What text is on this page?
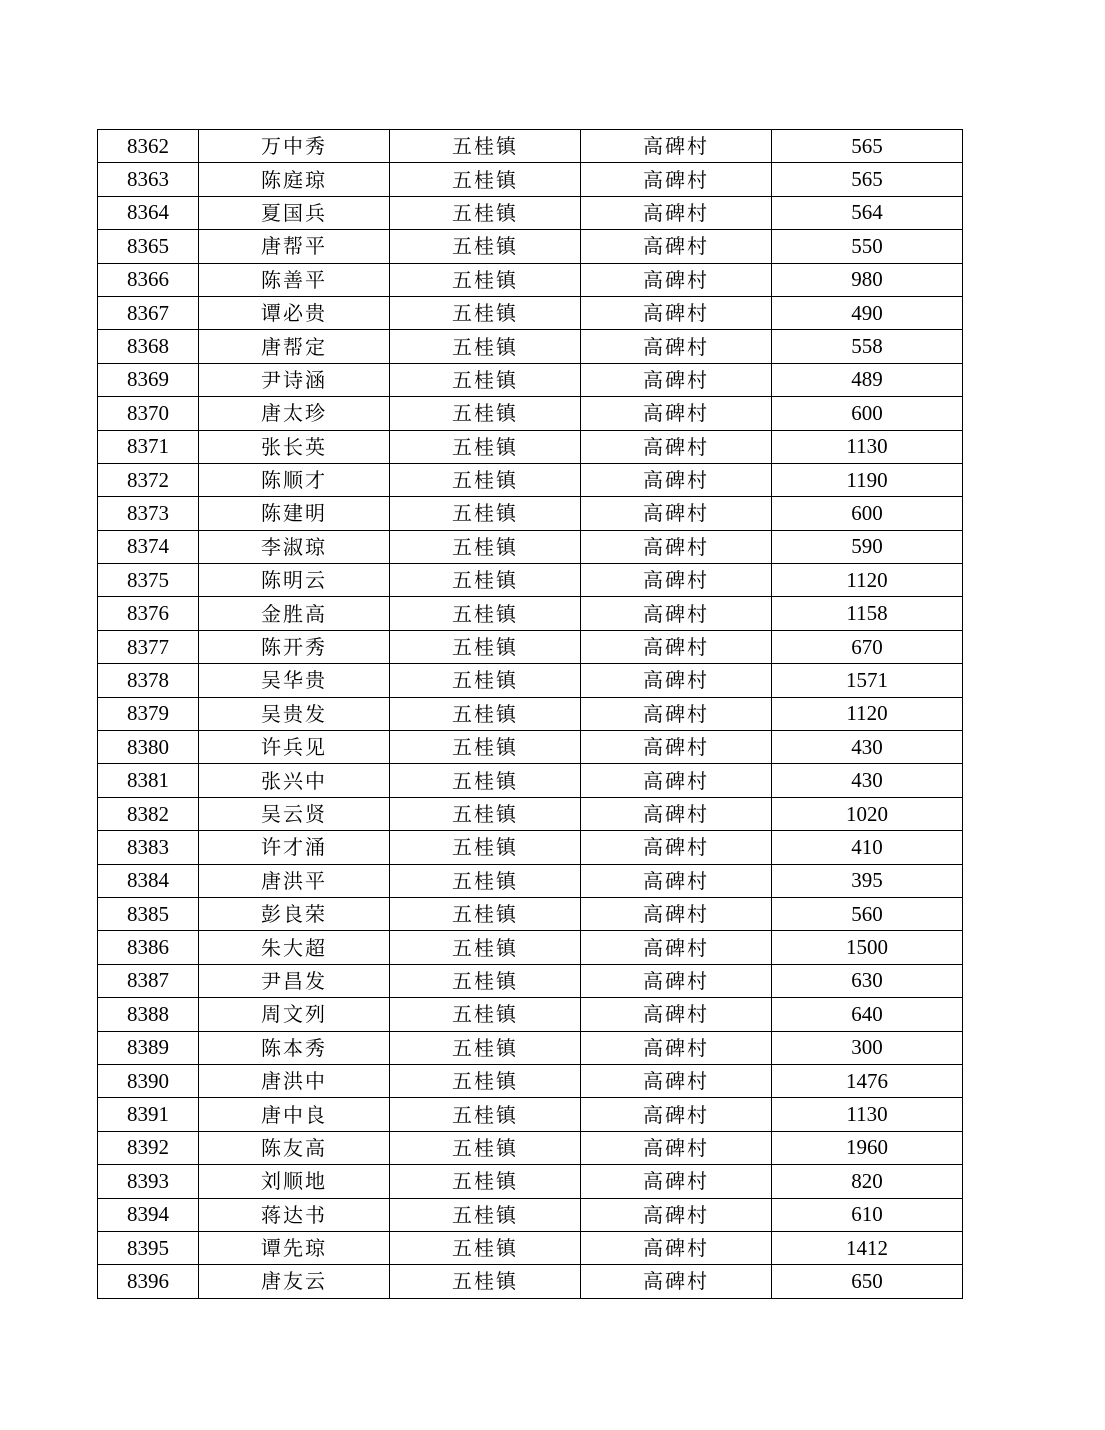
8362	万中秀	五桂镇	高碑村	565
8363	陈庭琼	五桂镇	高碑村	565
8364	夏国兵	五桂镇	高碑村	564
8365	唐帮平	五桂镇	高碑村	550
8366	陈善平	五桂镇	高碑村	980
8367	谭必贵	五桂镇	高碑村	490
8368	唐帮定	五桂镇	高碑村	558
8369	尹诗涵	五桂镇	高碑村	489
8370	唐太珍	五桂镇	高碑村	600
8371	张长英	五桂镇	高碑村	1130
8372	陈顺才	五桂镇	高碑村	1190
8373	陈建明	五桂镇	高碑村	600
8374	李淑琼	五桂镇	高碑村	590
8375	陈明云	五桂镇	高碑村	1120
8376	金胜高	五桂镇	高碑村	1158
8377	陈开秀	五桂镇	高碑村	670
8378	吴华贵	五桂镇	高碑村	1571
8379	吴贵发	五桂镇	高碑村	1120
8380	许兵见	五桂镇	高碑村	430
8381	张兴中	五桂镇	高碑村	430
8382	吴云贤	五桂镇	高碑村	1020
8383	许才涌	五桂镇	高碑村	410
8384	唐洪平	五桂镇	高碑村	395
8385	彭良荣	五桂镇	高碑村	560
8386	朱大超	五桂镇	高碑村	1500
8387	尹昌发	五桂镇	高碑村	630
8388	周文列	五桂镇	高碑村	640
8389	陈本秀	五桂镇	高碑村	300
8390	唐洪中	五桂镇	高碑村	1476
8391	唐中良	五桂镇	高碑村	1130
8392	陈友高	五桂镇	高碑村	1960
8393	刘顺地	五桂镇	高碑村	820
8394	蒋达书	五桂镇	高碑村	610
8395	谭先琼	五桂镇	高碑村	1412
8396	唐友云	五桂镇	高碑村	650
